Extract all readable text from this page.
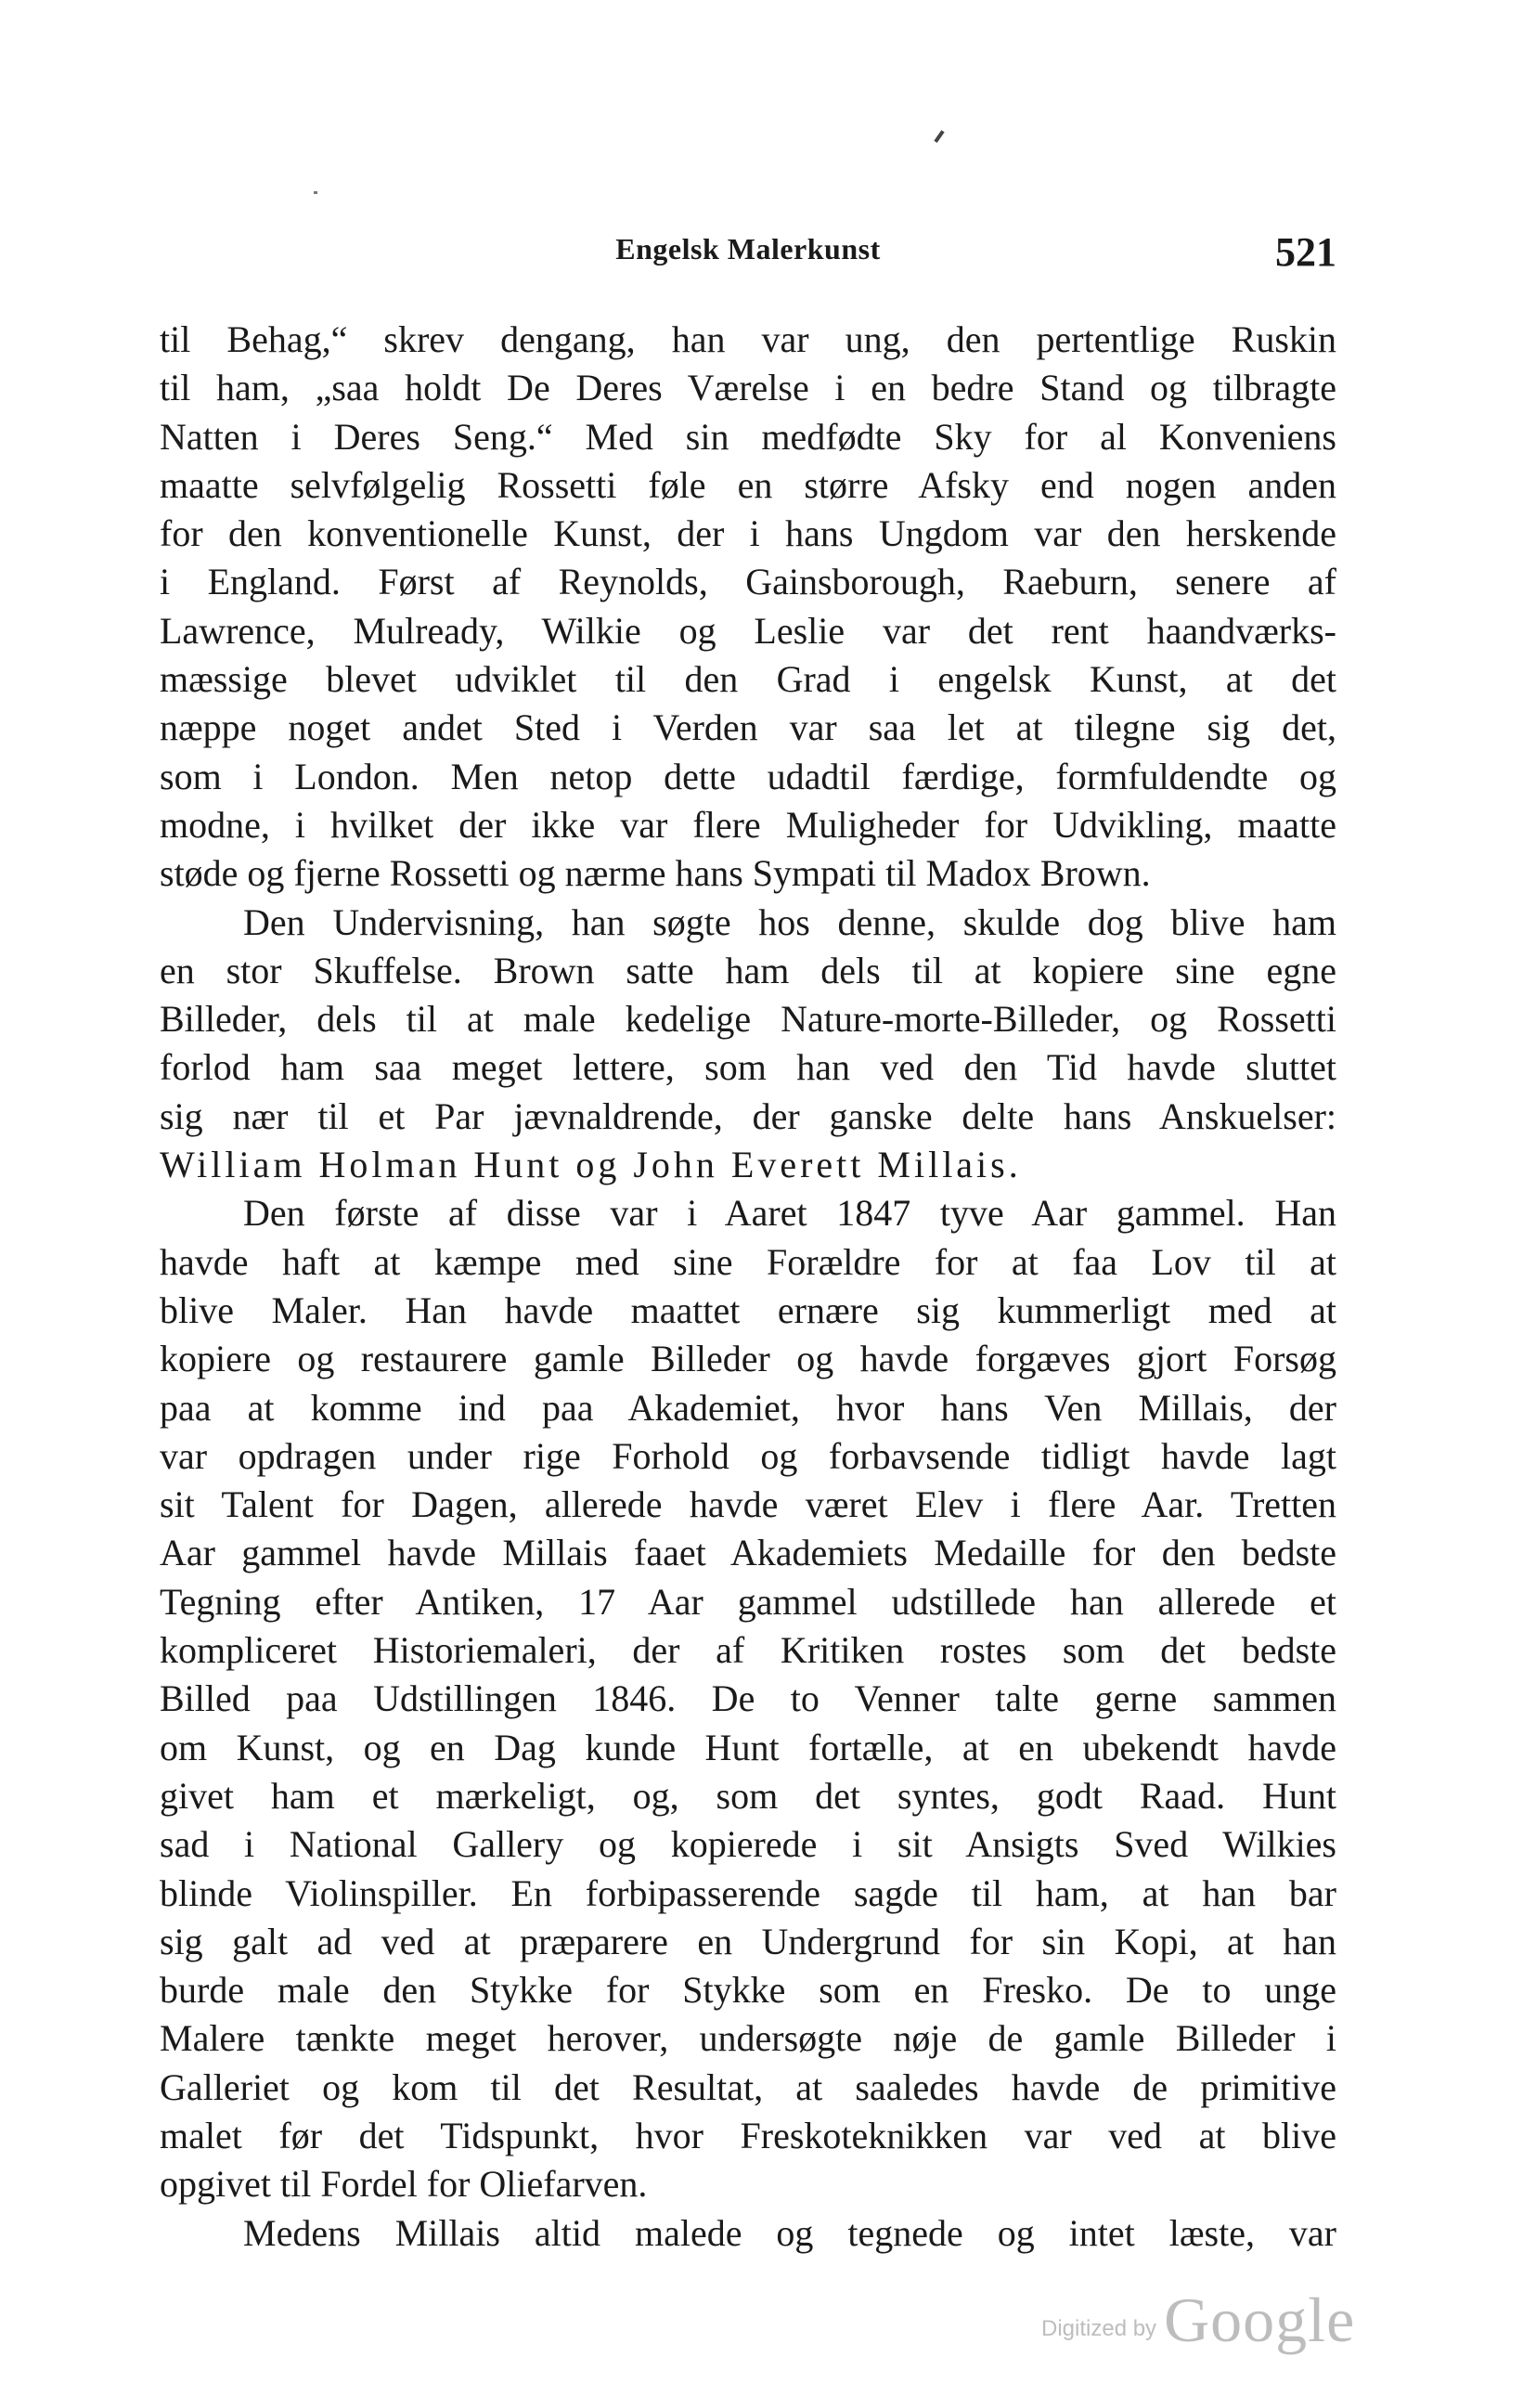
Engelsk Malerkunst	521
til Behag,“ skrev dengang, han var ung, den pertentlige Ruskin
til ham, „saa holdt De Deres Værelse i en bedre Stand og tilbragte
Natten i Deres Seng.“ Med sin medfødte Sky for al Konveniens
maatte selvfølgelig Rossetti føle en større Afsky end nogen anden
for den konventionelle Kunst, der i hans Ungdom var den herskende
i England. Først af Reynolds, Gainsborough, Raeburn, senere af
Lawrence, Mulready, Wilkie og Leslie var det rent haandværks-
mæssige blevet udviklet til den Grad i engelsk Kunst, at det
næppe noget andet Sted i Verden var saa let at tilegne sig det,
som i London. Men netop dette udadtil færdige, formfuldendte og
modne, i hvilket der ikke var flere Muligheder for Udvikling, maatte
støde og fjerne Rossetti og nærme hans Sympati til Madox Brown.
Den Undervisning, han søgte hos denne, skulde dog blive ham
en stor Skuffelse. Brown satte ham dels til at kopiere sine egne
Billeder, dels til at male kedelige Nature-morte-Billeder, og Rossetti
forlod ham saa meget lettere, som han ved den Tid havde sluttet
sig nær til et Par jævnaldrende, der ganske delte hans Anskuelser:
William Holman Hunt og John Everett Millais.
Den første af disse var i Aaret 1847 tyve Aar gammel. Han
havde haft at kæmpe med sine Forældre for at faa Lov til at
blive Maler. Han havde maattet ernære sig kummerligt med at
kopiere og restaurere gamle Billeder og havde forgæves gjort Forsøg
paa at komme ind paa Akademiet, hvor hans Ven Millais, der
var opdragen under rige Forhold og forbavsende tidligt havde lagt
sit Talent for Dagen, allerede havde været Elev i flere Aar. Tretten
Aar gammel havde Millais faaet Akademiets Medaille for den bedste
Tegning efter Antiken, 17 Aar gammel udstillede han allerede et
kompliceret Historiemaleri, der af Kritiken rostes som det bedste
Billed paa Udstillingen 1846. De to Venner talte gerne sammen
om Kunst, og en Dag kunde Hunt fortælle, at en ubekendt havde
givet ham et mærkeligt, og, som det syntes, godt Raad. Hunt
sad i National Gallery og kopierede i sit Ansigts Sved Wilkies
blinde Violinspiller. En forbipasserende sagde til ham, at han bar
sig galt ad ved at præparere en Undergrund for sin Kopi, at han
burde male den Stykke for Stykke som en Fresko. De to unge
Malere tænkte meget herover, undersøgte nøje de gamle Billeder i
Galleriet og kom til det Resultat, at saaledes havde de primitive
malet før det Tidspunkt, hvor Freskoteknikken var ved at blive
opgivet til Fordel for Oliefarven.
Medens Millais altid malede og tegnede og intet læste, var
Digitized by Google
